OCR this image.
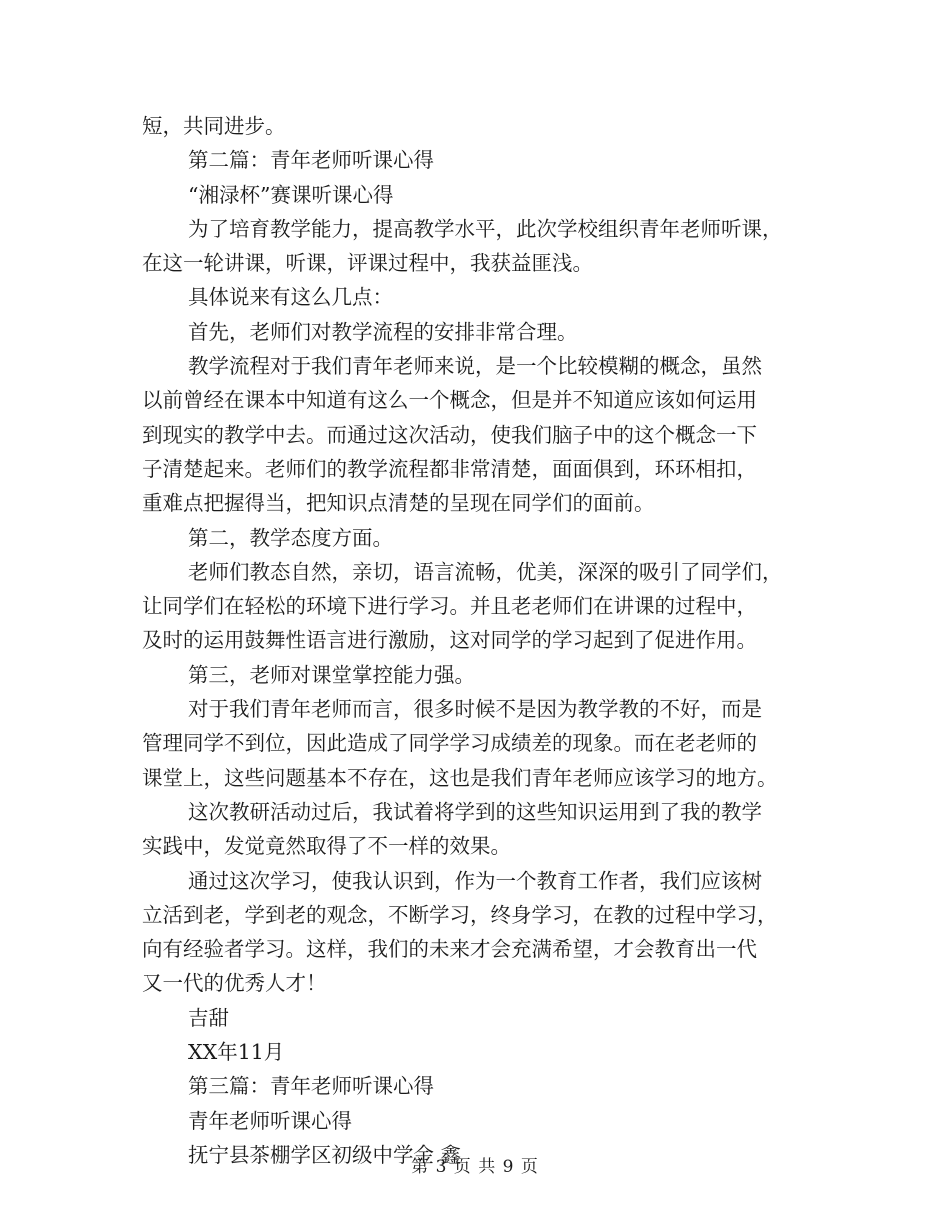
短，共同进步。
第二篇：青年老师听课心得
“湘渌杯”赛课听课心得
为了培育教学能力，提高教学水平，此次学校组织青年老师听课，
在这一轮讲课，听课，评课过程中，我获益匪浅。
具体说来有这么几点：
首先，老师们对教学流程的安排非常合理。
教学流程对于我们青年老师来说，是一个比较模糊的概念，虽然
以前曾经在课本中知道有这么一个概念，但是并不知道应该如何运用
到现实的教学中去。而通过这次活动，使我们脑子中的这个概念一下
子清楚起来。老师们的教学流程都非常清楚，面面俱到，环环相扣，
重难点把握得当，把知识点清楚的呈现在同学们的面前。
第二，教学态度方面。
老师们教态自然，亲切，语言流畅，优美，深深的吸引了同学们，
让同学们在轻松的环境下进行学习。并且老老师们在讲课的过程中，
及时的运用鼓舞性语言进行激励，这对同学的学习起到了促进作用。
第三，老师对课堂掌控能力强。
对于我们青年老师而言，很多时候不是因为教学教的不好，而是
管理同学不到位，因此造成了同学学习成绩差的现象。而在老老师的
课堂上，这些问题基本不存在，这也是我们青年老师应该学习的地方。
这次教研活动过后，我试着将学到的这些知识运用到了我的教学
实践中，发觉竟然取得了不一样的效果。
通过这次学习，使我认识到，作为一个教育工作者，我们应该树
立活到老，学到老的观念，不断学习，终身学习，在教的过程中学习，
向有经验者学习。这样，我们的未来才会充满希望，才会教育出一代
又一代的优秀人才！
吉甜
XX年11月
第三篇：青年老师听课心得
青年老师听课心得
抚宁县茶棚学区初级中学金 鑫
第 3 页 共 9 页
